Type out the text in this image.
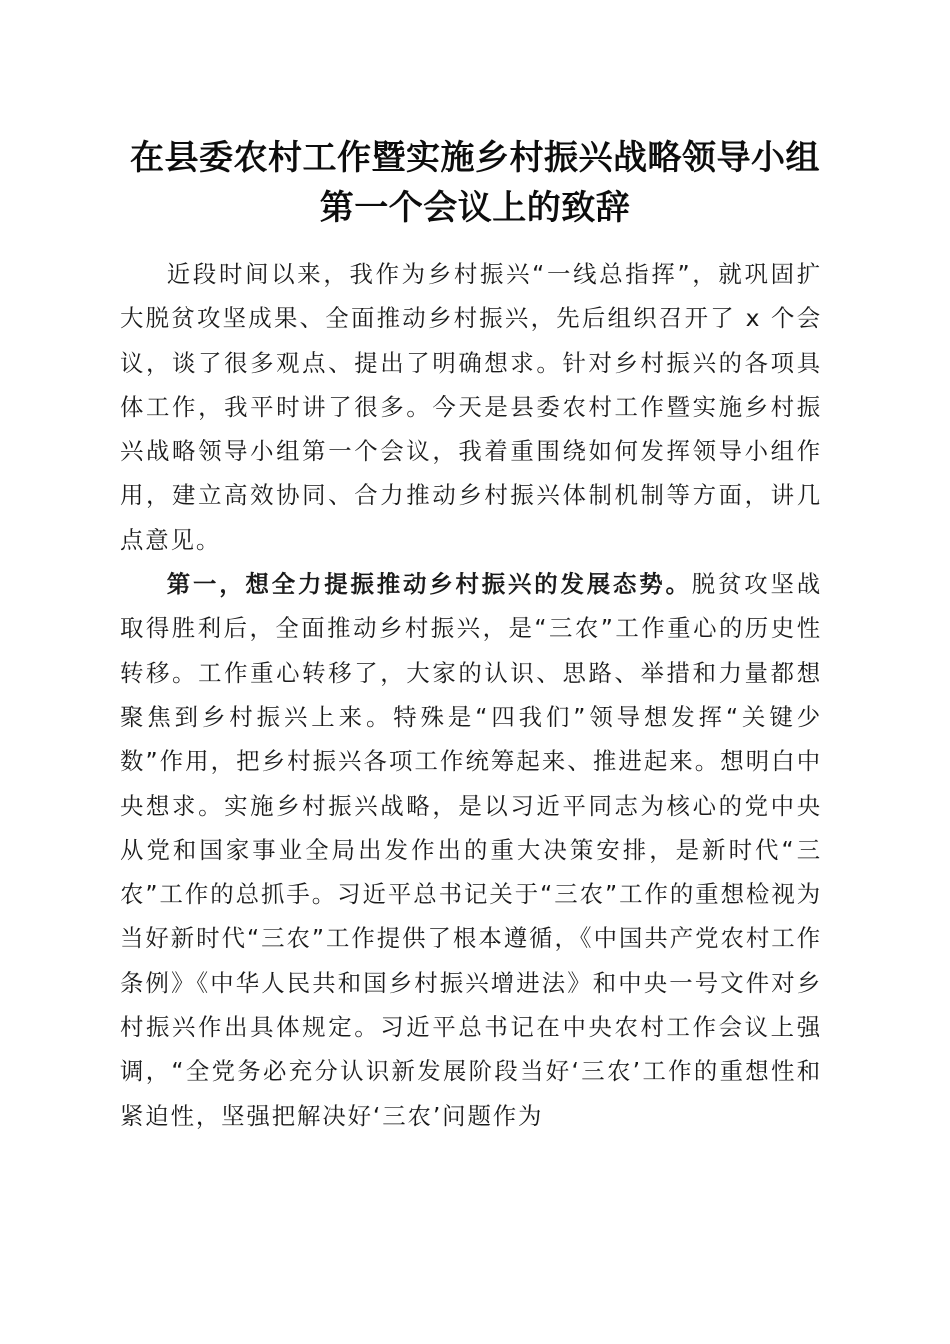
在县委农村工作暨实施乡村振兴战略领导小组
第一个会议上的致辞

近段时间以来，我作为乡村振兴“一线总指挥”，就巩固扩大脱贫攻坚成果、全面推动乡村振兴，先后组织召开了 x 个会议，谈了很多观点、提出了明确想求。针对乡村振兴的各项具体工作，我平时讲了很多。今天是县委农村工作暨实施乡村振兴战略领导小组第一个会议，我着重围绕如何发挥领导小组作用，建立高效协同、合力推动乡村振兴体制机制等方面，讲几点意见。

第一，想全力提振推动乡村振兴的发展态势。脱贫攻坚战取得胜利后，全面推动乡村振兴，是“三农”工作重心的历史性转移。工作重心转移了，大家的认识、思路、举措和力量都想聚焦到乡村振兴上来。特殊是“四我们”领导想发挥“关键少数”作用，把乡村振兴各项工作统筹起来、推进起来。想明白中央想求。实施乡村振兴战略，是以习近平同志为核心的党中央从党和国家事业全局出发作出的重大决策安排，是新时代“三农”工作的总抓手。习近平总书记关于“三农”工作的重想检视为当好新时代“三农”工作提供了根本遵循，《中国共产党农村工作条例》《中华人民共和国乡村振兴增进法》和中央一号文件对乡村振兴作出具体规定。习近平总书记在中央农村工作会议上强调，“全党务必充分认识新发展阶段当好‘三农’工作的重想性和紧迫性，坚强把解决好‘三农’问题作为
